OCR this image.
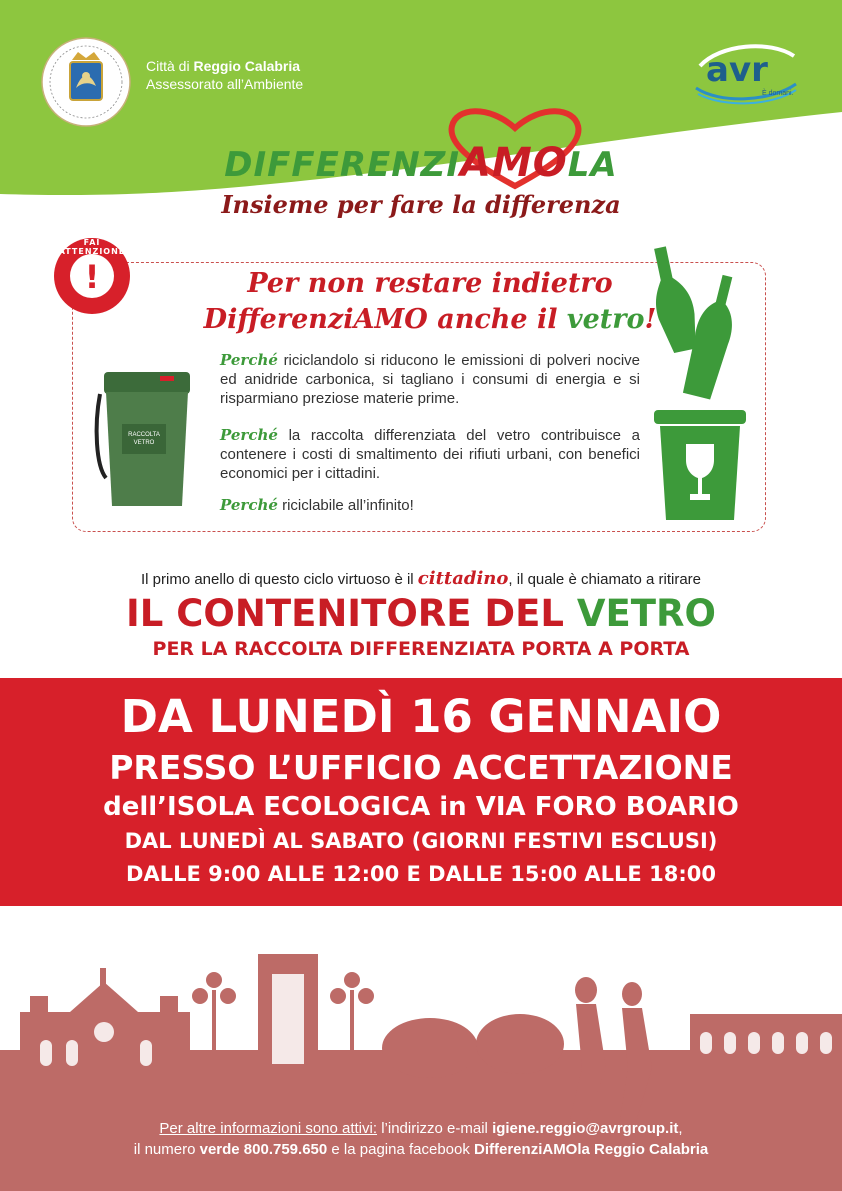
Città di Reggio Calabria
Assessorato all’Ambiente	avr
È domani.
DIFFERENZIAMOLA
Insieme per fare la differenza
!
FAI ATTENZIONE
Per non restare indietro
DifferenziAMO anche il vetro!
RACCOLTA
VETRO
Perché riciclandolo si riducono le emissioni di polveri nocive ed anidride carbonica, si tagliano i consumi di energia e si risparmiano preziose materie prime.
Perché la raccolta differenziata del vetro contribuisce a contenere i costi di smaltimento dei rifiuti urbani, con benefici economici per i cittadini.
Perché riciclabile all’infinito!
Il primo anello di questo ciclo virtuoso è il cittadino, il quale è chiamato a ritirare
IL CONTENITORE DEL VETRO
PER LA RACCOLTA DIFFERENZIATA PORTA A PORTA
DA LUNEDÌ 16 GENNAIO
PRESSO L’UFFICIO ACCETTAZIONE
dell’ISOLA ECOLOGICA in VIA FORO BOARIO
DAL LUNEDÌ AL SABATO (GIORNI FESTIVI ESCLUSI)
DALLE 9:00 ALLE 12:00 E DALLE 15:00 ALLE 18:00
Per altre informazioni sono attivi: l’indirizzo e-mail igiene.reggio@avrgroup.it,
il numero verde 800.759.650 e la pagina facebook DifferenziAMOla Reggio Calabria
